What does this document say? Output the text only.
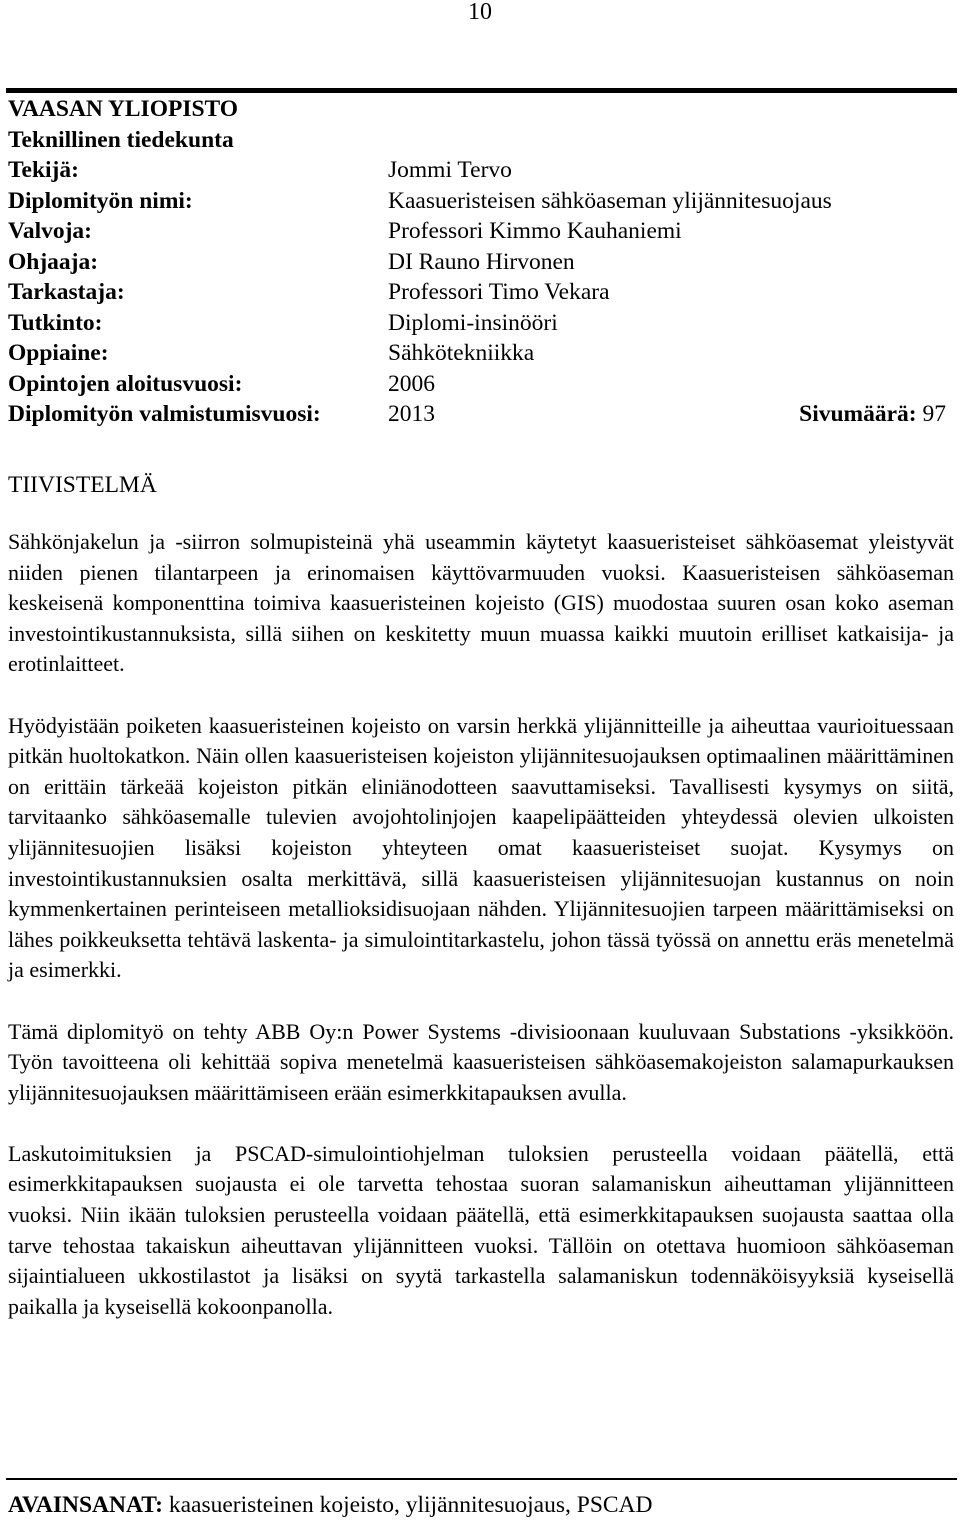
10
VAASAN YLIOPISTO
Teknillinen tiedekunta
Tekijä:	Jommi Tervo
Diplomityön nimi:	Kaasueristeisen sähköaseman ylijännitesuojaus
Valvoja:	Professori Kimmo Kauhaniemi
Ohjaaja:	DI Rauno Hirvonen
Tarkastaja:	Professori Timo Vekara
Tutkinto:	Diplomi-insinööri
Oppiaine:	Sähkötekniikka
Opintojen aloitusvuosi:	2006
Diplomityön valmistumisvuosi:	2013	Sivumäärä: 97
TIIVISTELMÄ

Sähkönjakelun ja -siirron solmupisteinä yhä useammin käytetyt kaasueristeiset sähköasemat yleistyvät niiden pienen tilantarpeen ja erinomaisen käyttövarmuuden vuoksi. Kaasueristeisen sähköaseman keskeisenä komponenttina toimiva kaasueristeinen kojeisto (GIS) muodostaa suuren osan koko aseman investointikustannuksista, sillä siihen on keskitetty muun muassa kaikki muutoin erilliset katkaisija- ja erotinlaitteet.

Hyödyistään poiketen kaasueristeinen kojeisto on varsin herkkä ylijännitteille ja aiheuttaa vaurioituessaan pitkän huoltokatkon. Näin ollen kaasueristeisen kojeiston ylijännitesuojauksen optimaalinen määrittäminen on erittäin tärkeää kojeiston pitkän eliniänodotteen saavuttamiseksi. Tavallisesti kysymys on siitä, tarvitaanko sähköasemalle tulevien avojohtolinjojen kaapelipäätteiden yhteydessä olevien ulkoisten ylijännitesuojien lisäksi kojeiston yhteyteen omat kaasueristeiset suojat. Kysymys on investointikustannuksien osalta merkittävä, sillä kaasueristeisen ylijännitesuojan kustannus on noin kymmenkertainen perinteiseen metallioksidisuojaan nähden. Ylijännitesuojien tarpeen määrittämiseksi on lähes poikkeuksetta tehtävä laskenta- ja simulointitarkastelu, johon tässä työssä on annettu eräs menetelmä ja esimerkki.

Tämä diplomityö on tehty ABB Oy:n Power Systems -divisioonaan kuuluvaan Substations -yksikköön. Työn tavoitteena oli kehittää sopiva menetelmä kaasueristeisen sähköasemakojeiston salamapurkauksen ylijännitesuojauksen määrittämiseen erään esimerkkitapauksen avulla.

Laskutoimituksien ja PSCAD-simulointiohjelman tuloksien perusteella voidaan päätellä, että esimerkkitapauksen suojausta ei ole tarvetta tehostaa suoran salamaniskun aiheuttaman ylijännitteen vuoksi. Niin ikään tuloksien perusteella voidaan päätellä, että esimerkkitapauksen suojausta saattaa olla tarve tehostaa takaiskun aiheuttavan ylijännitteen vuoksi. Tällöin on otettava huomioon sähköaseman sijaintialueen ukkostilastot ja lisäksi on syytä tarkastella salamaniskun todennäköisyyksiä kyseisellä paikalla ja kyseisellä kokoonpanolla.

AVAINSANAT: kaasueristeinen kojeisto, ylijännitesuojaus, PSCAD
